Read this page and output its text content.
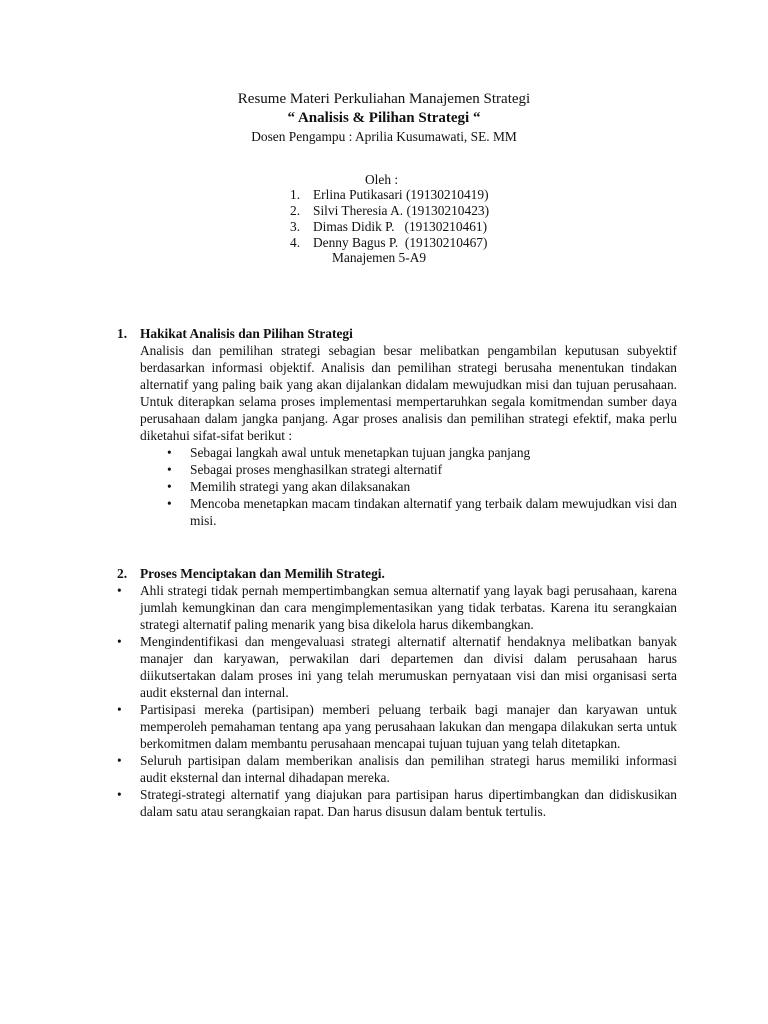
Resume Materi Perkuliahan Manajemen Strategi
“ Analisis & Pilihan Strategi “
Dosen Pengampu : Aprilia Kusumawati, SE. MM
Oleh :
1. Erlina Putikasari (19130210419)
2. Silvi Theresia A. (19130210423)
3. Dimas Didik P.   (19130210461)
4. Denny Bagus P.  (19130210467)
Manajemen 5-A9
1. Hakikat Analisis dan Pilihan Strategi

Analisis dan pemilihan strategi sebagian besar melibatkan pengambilan keputusan subyektif berdasarkan informasi objektif. Analisis dan pemilihan strategi berusaha menentukan tindakan alternatif yang paling baik yang akan dijalankan didalam mewujudkan misi dan tujuan perusahaan. Untuk diterapkan selama proses implementasi mempertaruhkan segala komitmendan sumber daya perusahaan dalam jangka panjang. Agar proses analisis dan pemilihan strategi efektif, maka perlu diketahui sifat-sifat berikut :

• Sebagai langkah awal untuk menetapkan tujuan jangka panjang
• Sebagai proses menghasilkan strategi alternatif
• Memilih strategi yang akan dilaksanakan
• Mencoba menetapkan macam tindakan alternatif yang terbaik dalam mewujudkan visi dan misi.
2. Proses Menciptakan dan Memilih Strategi.
• Ahli strategi tidak pernah mempertimbangkan semua alternatif yang layak bagi perusahaan, karena jumlah kemungkinan dan cara mengimplementasikan yang tidak terbatas. Karena itu serangkaian strategi alternatif paling menarik yang bisa dikelola harus dikembangkan.
• Mengindentifikasi dan mengevaluasi strategi alternatif alternatif hendaknya melibatkan banyak manajer dan karyawan, perwakilan dari departemen dan divisi dalam perusahaan harus diikutsertakan dalam proses ini yang telah merumuskan pernyataan visi dan misi organisasi serta audit eksternal dan internal.
• Partisipasi mereka (partisipan) memberi peluang terbaik bagi manajer dan karyawan untuk memperoleh pemahaman tentang apa yang perusahaan lakukan dan mengapa dilakukan serta untuk berkomitmen dalam membantu perusahaan mencapai tujuan tujuan yang telah ditetapkan.
• Seluruh partisipan dalam memberikan analisis dan pemilihan strategi harus memiliki informasi audit eksternal dan internal dihadapan mereka.
• Strategi-strategi alternatif yang diajukan para partisipan harus dipertimbangkan dan didiskusikan dalam satu atau serangkaian rapat. Dan harus disusun dalam bentuk tertulis.
